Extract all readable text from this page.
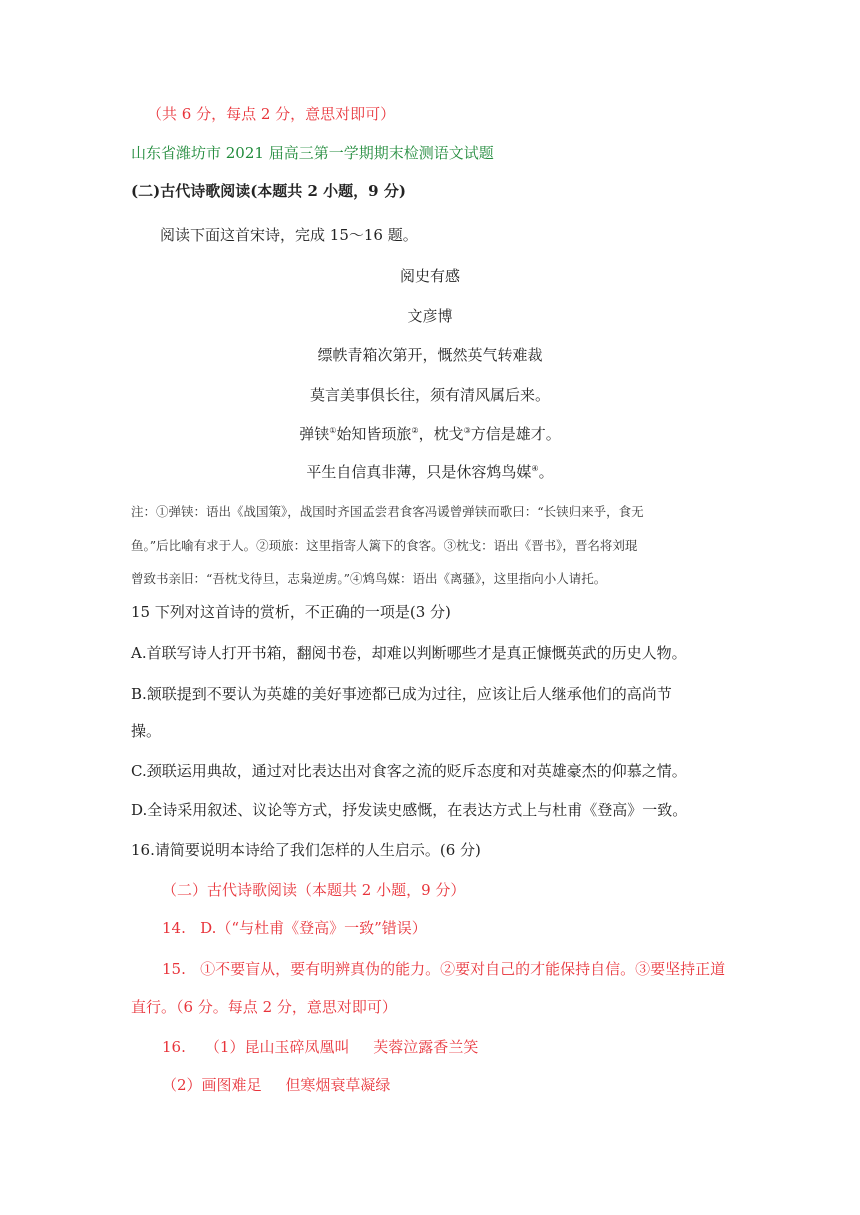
（共 6 分，每点 2 分，意思对即可）
山东省潍坊市 2021 届高三第一学期期末检测语文试题
(二)古代诗歌阅读(本题共 2 小题，9 分)
阅读下面这首宋诗，完成 15～16 题。
阅史有感
文彦博
缥帙青箱次第开，慨然英气转难裁
莫言美事俱长往，须有清风属后来。
弹铗①始知皆顼旅②，枕戈③方信是雄才。
平生自信真非薄，只是休容鸩鸟媒④。
注：①弹铗：语出《战国策》，战国时齐国孟尝君食客冯谖曾弹铗而歌曰：“长铗归来乎，食无
鱼。”后比喻有求于人。②顼旅：这里指寄人篱下的食客。③枕戈：语出《晋书》，晋名将刘琨
曾致书亲旧：“吾枕戈待旦，志枭逆虏。”④鸩鸟媒：语出《离骚》，这里指向小人请托。
15 下列对这首诗的赏析，不正确的一项是(3 分)
A.首联写诗人打开书箱，翻阅书卷，却难以判断哪些才是真正慷慨英武的历史人物。
B.颔联提到不要认为英雄的美好事迹都已成为过往，应该让后人继承他们的高尚节
操。
C.颈联运用典故，通过对比表达出对食客之流的贬斥态度和对英雄豪杰的仰慕之情。
D.全诗采用叙述、议论等方式，抒发读史感慨，在表达方式上与杜甫《登高》一致。
16.请简要说明本诗给了我们怎样的人生启示。(6 分)
（二）古代诗歌阅读（本题共 2 小题，9 分）
14.   D.（“与杜甫《登高》一致”错误）
15.   ①不要盲从，要有明辨真伪的能力。②要对自己的才能保持自信。③要坚持正道
直行。（6 分。每点 2 分，意思对即可）
16.    （1）昆山玉碎凤凰叫     芙蓉泣露香兰笑
（2）画图难足     但寒烟衰草凝绿
